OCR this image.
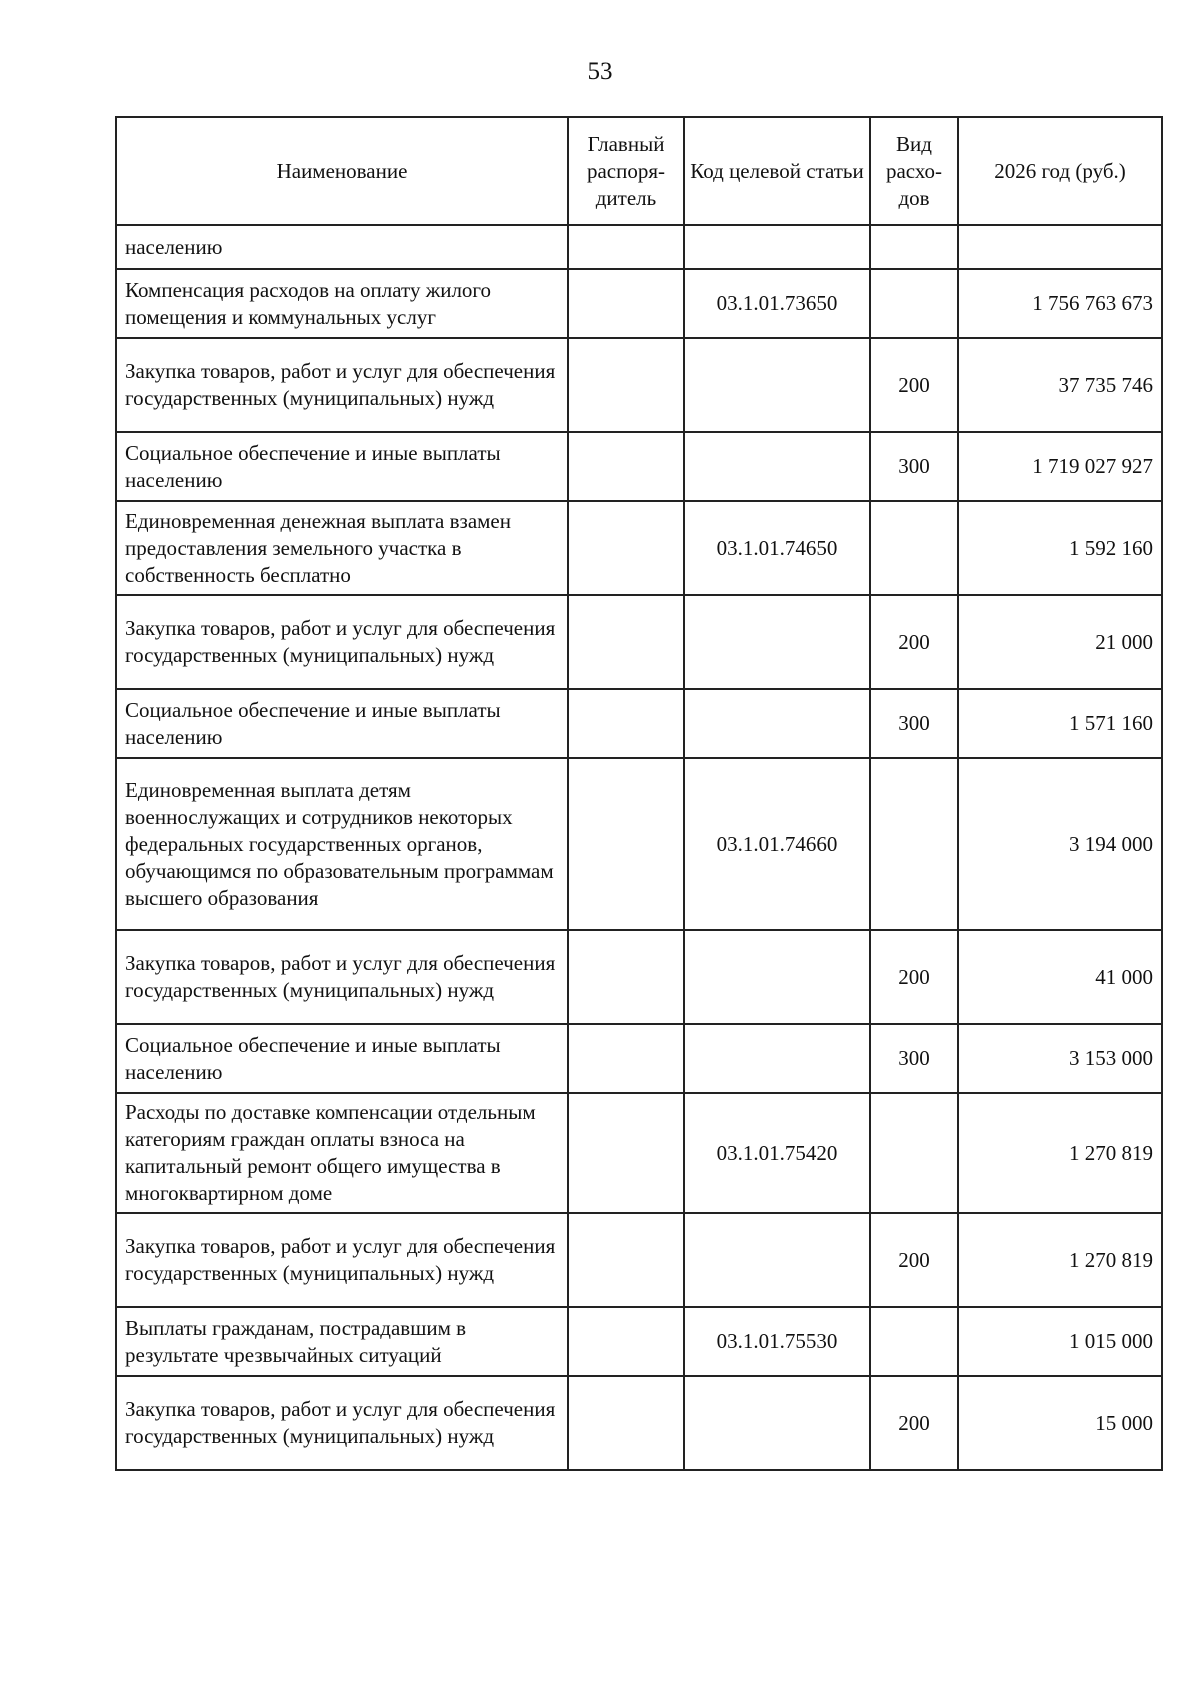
53
Наименование	Главный распоря-дитель	Код целевой статьи	Вид расхо-дов	2026 год (руб.)
населению				
Компенсация расходов на оплату жилого помещения и коммунальных услуг		03.1.01.73650		1 756 763 673
Закупка товаров, работ и услуг для обеспечения государственных (муниципальных) нужд			200	37 735 746
Социальное обеспечение и иные выплаты населению			300	1 719 027 927
Единовременная денежная выплата взамен предоставления земельного участка в собственность бесплатно		03.1.01.74650		1 592 160
Закупка товаров, работ и услуг для обеспечения государственных (муниципальных) нужд			200	21 000
Социальное обеспечение и иные выплаты населению			300	1 571 160
Единовременная выплата детям военнослужащих и сотрудников некоторых федеральных государственных органов, обучающимся по образовательным программам высшего образования		03.1.01.74660		3 194 000
Закупка товаров, работ и услуг для обеспечения государственных (муниципальных) нужд			200	41 000
Социальное обеспечение и иные выплаты населению			300	3 153 000
Расходы по доставке компенсации отдельным категориям граждан оплаты взноса на капитальный ремонт общего имущества в многоквартирном доме		03.1.01.75420		1 270 819
Закупка товаров, работ и услуг для обеспечения государственных (муниципальных) нужд			200	1 270 819
Выплаты гражданам, пострадавшим в результате чрезвычайных ситуаций		03.1.01.75530		1 015 000
Закупка товаров, работ и услуг для обеспечения государственных (муниципальных) нужд			200	15 000
